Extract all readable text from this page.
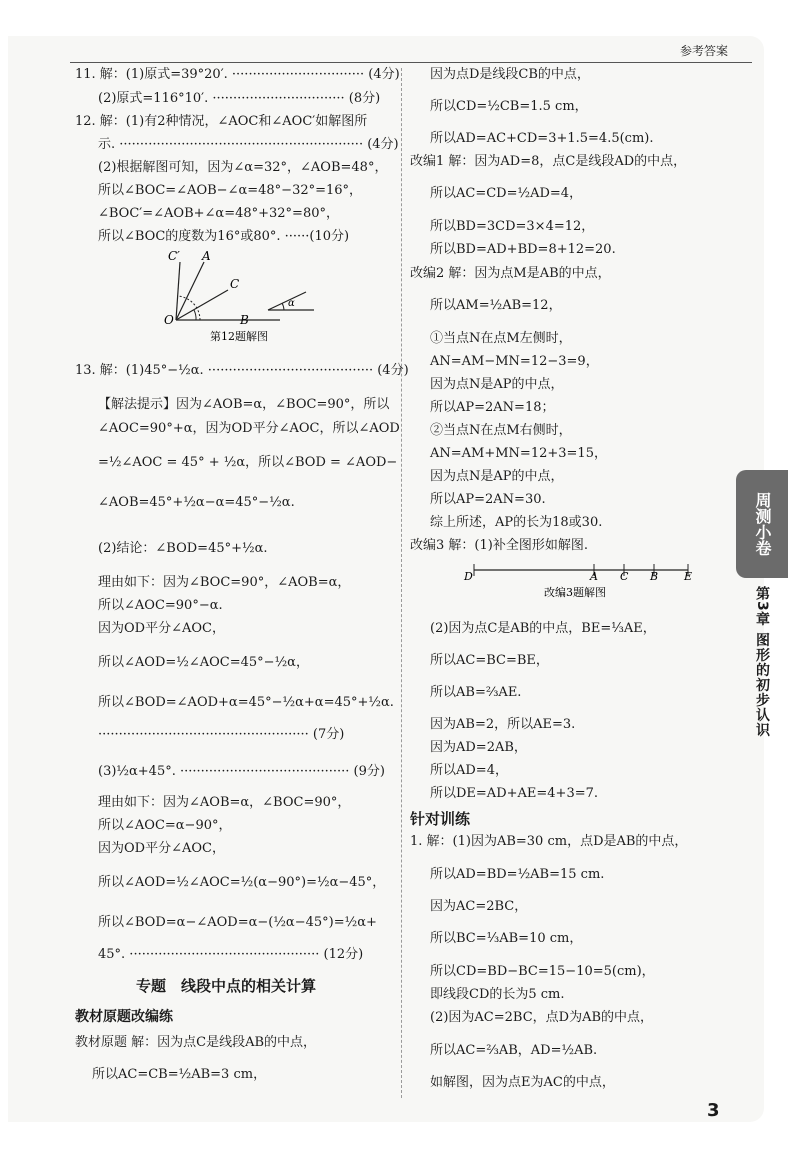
参考答案
11. 解：(1)原式=39°20′. ································ (4分)
(2)原式=116°10′. ································ (8分)
12. 解：(1)有2种情况，∠AOC和∠AOC′如解图所
示. ··························································· (4分)
(2)根据解图可知，因为∠α=32°，∠AOB=48°，
所以∠BOC=∠AOB−∠α=48°−32°=16°，
∠BOC′=∠AOB+∠α=48°+32°=80°，
所以∠BOC的度数为16°或80°. ······(10分)
C′ A
C
O	B
α
第12题解图
13. 解：(1)45°−½α. ········································ (4分)
【解法提示】因为∠AOB=α，∠BOC=90°，所以
∠AOC=90°+α，因为OD平分∠AOC，所以∠AOD
=½∠AOC = 45° + ½α，所以∠BOD = ∠AOD−
∠AOB=45°+½α−α=45°−½α.
(2)结论：∠BOD=45°+½α.
理由如下：因为∠BOC=90°，∠AOB=α，
所以∠AOC=90°−α.
因为OD平分∠AOC，
所以∠AOD=½∠AOC=45°−½α，
所以∠BOD=∠AOD+α=45°−½α+α=45°+½α.
··················································· (7分)
(3)½α+45°. ········································· (9分)
理由如下：因为∠AOB=α，∠BOC=90°，
所以∠AOC=α−90°，
因为OD平分∠AOC，
所以∠AOD=½∠AOC=½(α−90°)=½α−45°，
所以∠BOD=α−∠AOD=α−(½α−45°)=½α+
45°. ·············································· (12分)
专题　线段中点的相关计算
教材原题改编练
教材原题 解：因为点C是线段AB的中点，
所以AC=CB=½AB=3 cm，
因为点D是线段CB的中点，
所以CD=½CB=1.5 cm，
所以AD=AC+CD=3+1.5=4.5(cm).
改编1 解：因为AD=8，点C是线段AD的中点，
所以AC=CD=½AD=4，
所以BD=3CD=3×4=12，
所以BD=AD+BD=8+12=20.
改编2 解：因为点M是AB的中点，
所以AM=½AB=12，
①当点N在点M左侧时，
AN=AM−MN=12−3=9，
因为点N是AP的中点，
所以AP=2AN=18；
②当点N在点M右侧时，
AN=AM+MN=12+3=15，
因为点N是AP的中点，
所以AP=2AN=30.
综上所述，AP的长为18或30.
改编3 解：(1)补全图形如解图.
D	A C B E
改编3题解图
(2)因为点C是AB的中点，BE=⅓AE，
所以AC=BC=BE，
所以AB=⅔AE.
因为AB=2，所以AE=3.
因为AD=2AB，
所以AD=4，
所以DE=AD+AE=4+3=7.
针对训练
1. 解：(1)因为AB=30 cm，点D是AB的中点，
所以AD=BD=½AB=15 cm.
因为AC=2BC，
所以BC=⅓AB=10 cm，
所以CD=BD−BC=15−10=5(cm)，
即线段CD的长为5 cm.
(2)因为AC=2BC，点D为AB的中点，
所以AC=⅔AB，AD=½AB.
如解图，因为点E为AC的中点，
周测小卷
第3章 图形的初步认识
3
